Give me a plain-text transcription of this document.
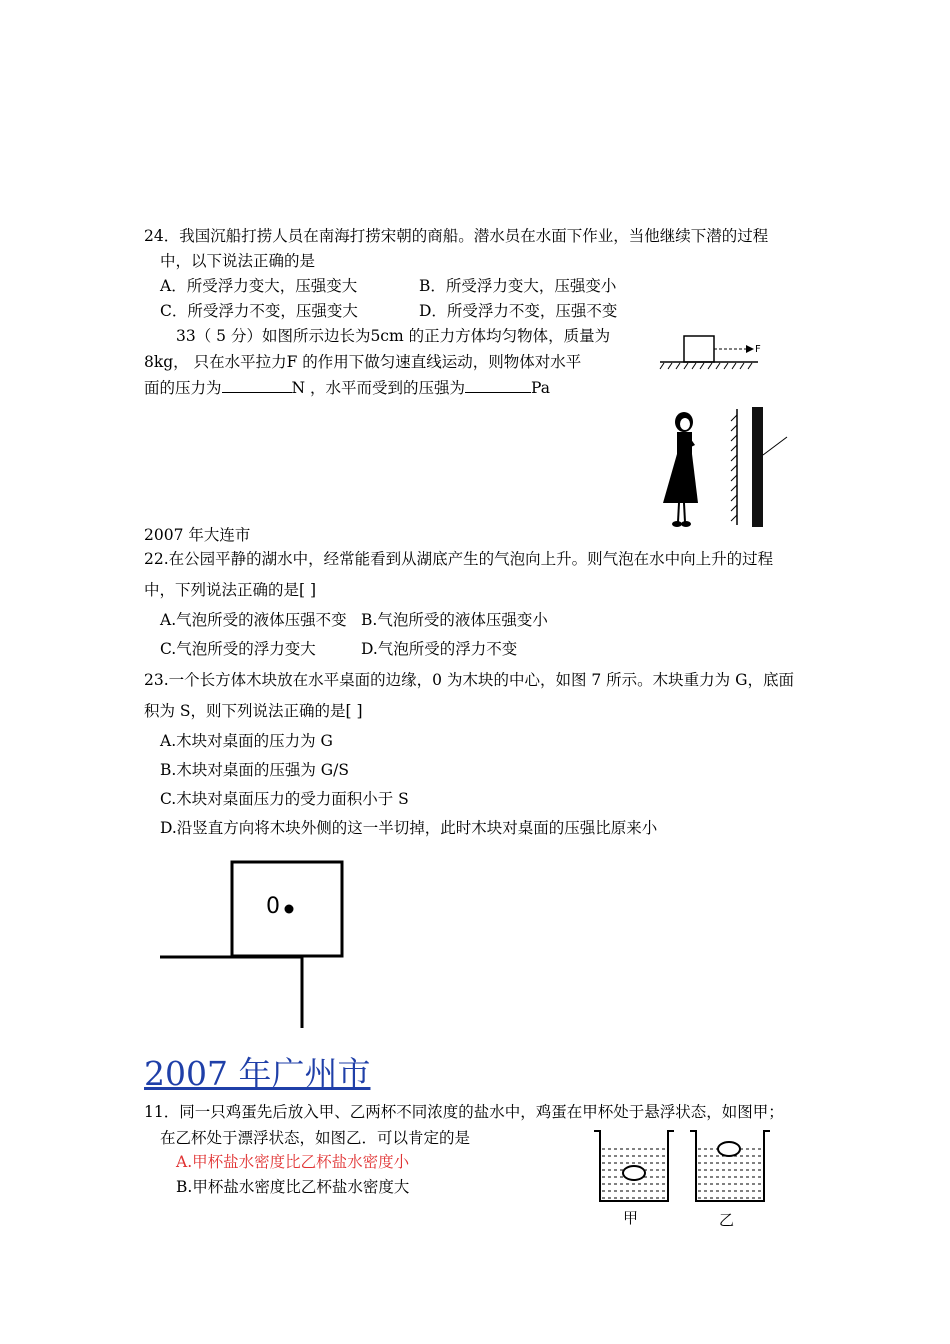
24．我国沉船打捞人员在南海打捞宋朝的商船。潜水员在水面下作业，当他继续下潜的过程
中，以下说法正确的是
A．所受浮力变大，压强变大	B．所受浮力变大，压强变小
C．所受浮力不变，压强变大	D．所受浮力不变，压强不变
33（ 5 分）如图所示边长为5cm 的正力方体均匀物体，质量为
8kg， 只在水平拉力F 的作用下做匀速直线运动，则物体对水平
面的压力为	N ，水平而受到的压强为	Pa
F
2007 年大连市
22.在公园平静的湖水中，经常能看到从湖底产生的气泡向上升。则气泡在水中向上升的过程
中，下列说法正确的是[ ]
A.气泡所受的液体压强不变 B.气泡所受的液体压强变小
C.气泡所受的浮力变大	D.气泡所受的浮力不变
23.一个长方体木块放在水平桌面的边缘，0 为木块的中心，如图 7 所示。木块重力为 G，底面
积为 S，则下列说法正确的是[ ]
A.木块对桌面的压力为 G
B.木块对桌面的压强为 G/S
C.木块对桌面压力的受力面积小于 S
D.沿竖直方向将木块外侧的这一半切掉，此时木块对桌面的压强比原来小
0
2007 年广州市
11．同一只鸡蛋先后放入甲、乙两杯不同浓度的盐水中，鸡蛋在甲杯处于悬浮状态，如图甲；
在乙杯处于漂浮状态，如图乙．可以肯定的是
A.甲杯盐水密度比乙杯盐水密度小
B.甲杯盐水密度比乙杯盐水密度大
甲	乙
